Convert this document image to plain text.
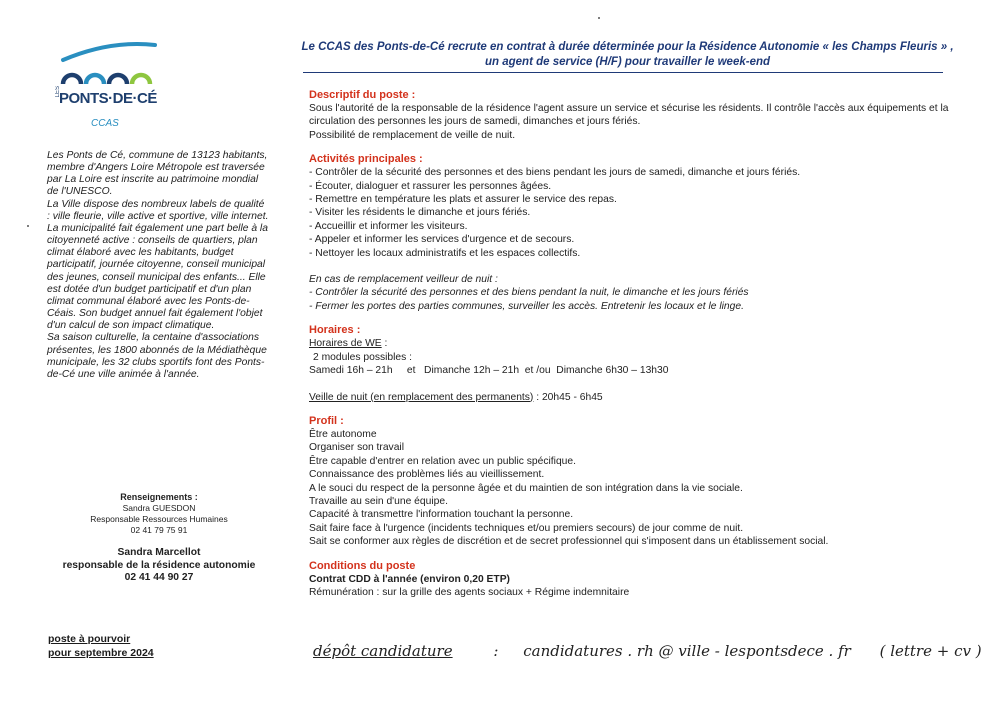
LES
PONTS·DE·CÉ
CCAS

Les Ponts de Cé, commune de 13123 habitants, membre d'Angers Loire Métropole est traversée par La Loire est inscrite au patrimoine mondial de l'UNESCO.

La Ville dispose des nombreux labels de qualité : ville fleurie, ville active et sportive, ville internet.

La municipalité fait également une part belle à la citoyenneté active : conseils de quartiers, plan climat élaboré avec les habitants, budget participatif, journée citoyenne, conseil municipal des jeunes, conseil municipal des enfants... Elle est dotée d'un budget participatif et d'un plan climat communal élaboré avec les Ponts-de-Céais. Son budget annuel fait également l'objet d'un calcul de son impact climatique.

Sa saison culturelle, la centaine d'associations présentes, les 1800 abonnés de la Médiathèque municipale, les 32 clubs sportifs font des Ponts-de-Cé une ville animée à l'année.

Renseignements :
Sandra GUESDON
Responsable Ressources Humaines
02 41 79 75 91
Sandra Marcellot
responsable de la résidence autonomie
02 41 44 90 27
poste à pourvoir
pour septembre 2024
Le CCAS des Ponts-de-Cé recrute en contrat à durée déterminée pour la Résidence Autonomie « les Champs Fleuris » , un agent de service (H/F) pour travailler le week-end
Descriptif du poste :

Sous l'autorité de la responsable de la résidence l'agent assure un service et sécurise les résidents. Il contrôle l'accès aux équipements et la circulation des personnes les jours de samedi, dimanches et jours fériés.

Possibilité de remplacement de veille de nuit.

Activités principales :

- Contrôler de la sécurité des personnes et des biens pendant les jours de samedi, dimanche et jours fériés.

- Écouter, dialoguer et rassurer les personnes âgées.

- Remettre en température les plats et assurer le service des repas.

- Visiter les résidents le dimanche et jours fériés.

- Accueillir et informer les visiteurs.

- Appeler et informer les services d'urgence et de secours.

- Nettoyer les locaux administratifs et les espaces collectifs.

En cas de remplacement veilleur de nuit :

- Contrôler la sécurité des personnes et des biens pendant la nuit, le dimanche et les jours fériés

- Fermer les portes des parties communes, surveiller les accès. Entretenir les locaux et le linge.

Horaires :

Horaires de WE :

2 modules possibles :

Samedi 16h – 21h     et   Dimanche 12h – 21h  et /ou  Dimanche 6h30 – 13h30

Veille de nuit (en remplacement des permanents) : 20h45 - 6h45

Profil :

Être autonome

Organiser son travail

Être capable d'entrer en relation avec un public spécifique.

Connaissance des problèmes liés au vieillissement.

A le souci du respect de la personne âgée et du maintien de son intégration dans la vie sociale.

Travaille au sein d'une équipe.

Capacité à transmettre l'information touchant la personne.

Sait faire face à l'urgence (incidents techniques et/ou premiers secours) de jour comme de nuit.

Sait se conformer aux règles de discrétion et de secret professionnel qui s'imposent dans un établissement social.

Conditions du poste

Contrat CDD à l'année (environ 0,20 ETP)

Rémunération : sur la grille des agents sociaux + Régime indemnitaire

dépôt candidature	: candidatures . rh @ ville - lespontsdece . fr ( lettre + cv )
